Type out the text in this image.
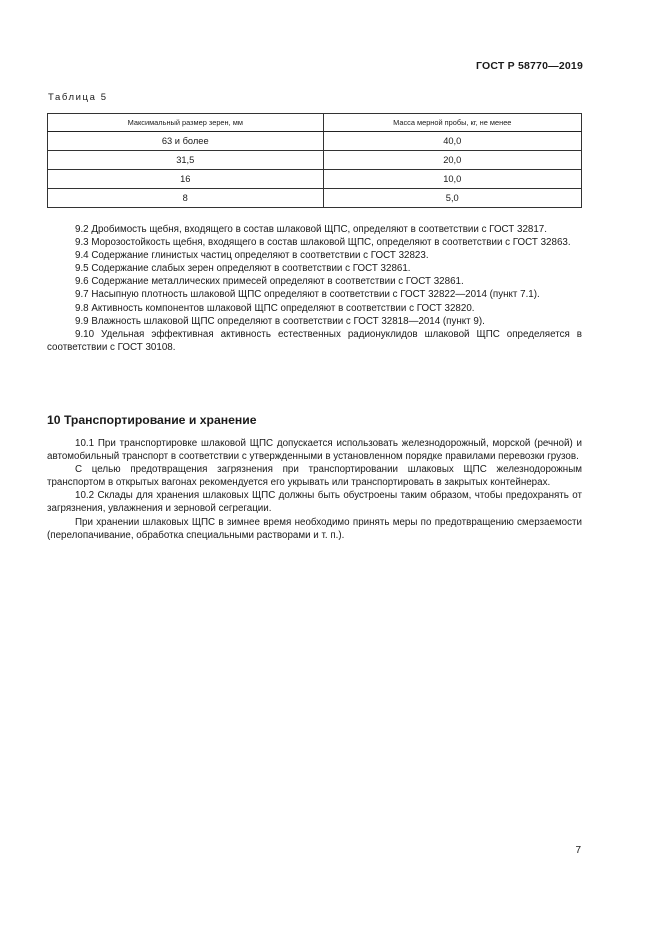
ГОСТ Р 58770—2019
Таблица 5
Максимальный размер зерен, мм	Масса мерной пробы, кг, не менее
63 и более	40,0
31,5	20,0
16	10,0
8	5,0

9.2 Дробимость щебня, входящего в состав шлаковой ЩПС, определяют в соответствии с ГОСТ 32817.

9.3 Морозостойкость щебня, входящего в состав шлаковой ЩПС, определяют в соответствии с ГОСТ 32863.

9.4 Содержание глинистых частиц определяют в соответствии с ГОСТ 32823.

9.5 Содержание слабых зерен определяют в соответствии с ГОСТ 32861.

9.6 Содержание металлических примесей определяют в соответствии с ГОСТ 32861.

9.7 Насыпную плотность шлаковой ЩПС определяют в соответствии с ГОСТ 32822—2014 (пункт 7.1).

9.8 Активность компонентов шлаковой ЩПС определяют в соответствии с ГОСТ 32820.

9.9 Влажность шлаковой ЩПС определяют в соответствии с ГОСТ 32818—2014 (пункт 9).

9.10 Удельная эффективная активность естественных радионуклидов шлаковой ЩПС определяется в соответствии с ГОСТ 30108.

10 Транспортирование и хранение

10.1 При транспортировке шлаковой ЩПС допускается использовать железнодорожный, морской (речной) и автомобильный транспорт в соответствии с утвержденными в установленном порядке правилами перевозки грузов.

С целью предотвращения загрязнения при транспортировании шлаковых ЩПС железнодорожным транспортом в открытых вагонах рекомендуется его укрывать или транспортировать в закрытых контейнерах.

10.2 Склады для хранения шлаковых ЩПС должны быть обустроены таким образом, чтобы предохранять от загрязнения, увлажнения и зерновой сегрегации.

При хранении шлаковых ЩПС в зимнее время необходимо принять меры по предотвращению смерзаемости (перелопачивание, обработка специальными растворами и т. п.).

7
